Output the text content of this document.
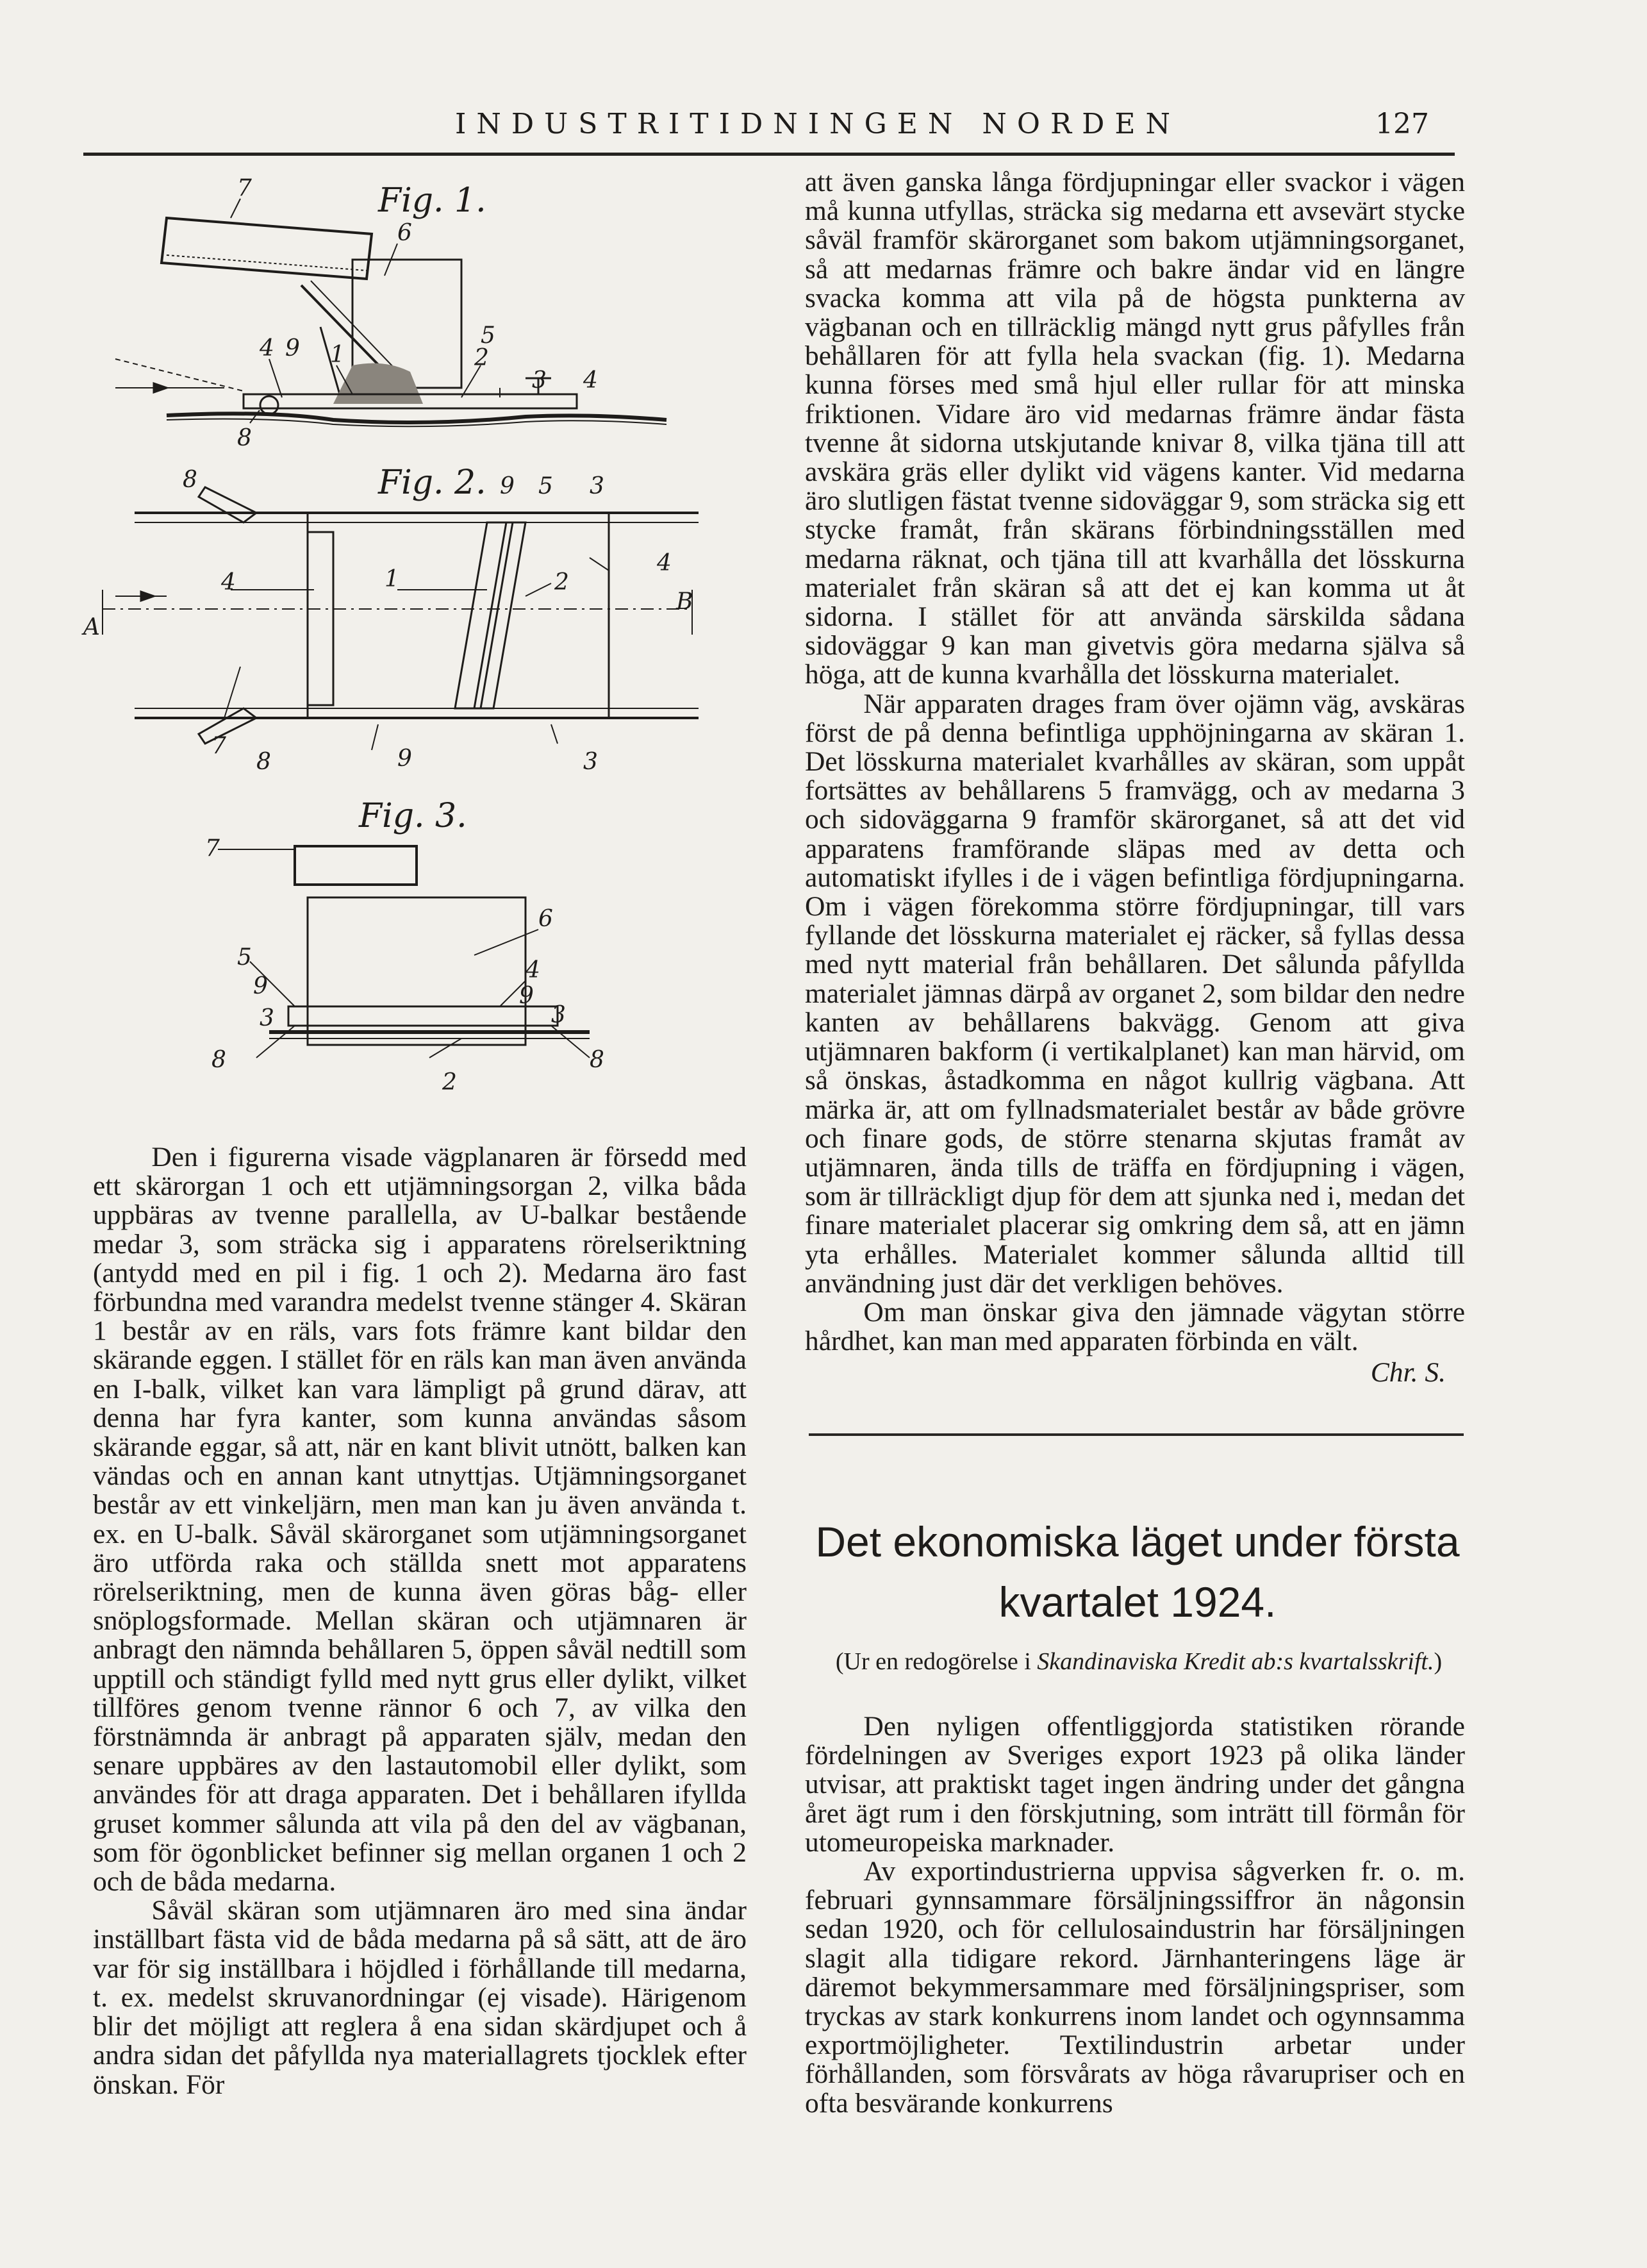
INDUSTRITIDNINGEN NORDEN	127
Fig. 1.
7
6
4 9 1
5
2
3 4
8
Fig. 2.
8	9 5 3
A
4	1	2
4
B
7
8	9	3
Fig. 3.
7
6
5
9
4
9
8
3	3
8
2

Den i figurerna visade vägplanaren är försedd med ett skärorgan 1 och ett utjämningsorgan 2, vilka båda uppbäras av tvenne parallella, av U-balkar bestående medar 3, som sträcka sig i apparatens rörelseriktning (antydd med en pil i fig. 1 och 2). Medarna äro fast förbundna med varandra medelst tvenne stänger 4. Skäran 1 består av en räls, vars fots främre kant bildar den skärande eggen. I stället för en räls kan man även använda en I-balk, vilket kan vara lämpligt på grund därav, att denna har fyra kanter, som kunna användas såsom skärande eggar, så att, när en kant blivit utnött, balken kan vändas och en annan kant utnyttjas. Utjämningsorganet består av ett vinkeljärn, men man kan ju även använda t. ex. en U-balk. Såväl skärorganet som utjämningsorganet äro utförda raka och ställda snett mot apparatens rörelseriktning, men de kunna även göras båg- eller snöplogsformade. Mellan skäran och utjämnaren är anbragt den nämnda behållaren 5, öppen såväl nedtill som upptill och ständigt fylld med nytt grus eller dylikt, vilket tillföres genom tvenne rännor 6 och 7, av vilka den förstnämnda är anbragt på apparaten själv, medan den senare uppbäres av den lastautomobil eller dylikt, som användes för att draga apparaten. Det i behållaren ifyllda gruset kommer sålunda att vila på den del av vägbanan, som för ögonblicket befinner sig mellan organen 1 och 2 och de båda medarna.

Såväl skäran som utjämnaren äro med sina ändar inställbart fästa vid de båda medarna på så sätt, att de äro var för sig inställbara i höjdled i förhållande till medarna, t. ex. medelst skruvanordningar (ej visade). Härigenom blir det möjligt att reglera å ena sidan skärdjupet och å andra sidan det påfyllda nya materiallagrets tjocklek efter önskan. För

att även ganska långa fördjupningar eller svackor i vägen må kunna utfyllas, sträcka sig medarna ett avsevärt stycke såväl framför skärorganet som bakom utjämningsorganet, så att medarnas främre och bakre ändar vid en längre svacka komma att vila på de högsta punkterna av vägbanan och en tillräcklig mängd nytt grus påfylles från behållaren för att fylla hela svackan (fig. 1). Medarna kunna förses med små hjul eller rullar för att minska friktionen. Vidare äro vid medarnas främre ändar fästa tvenne åt sidorna utskjutande knivar 8, vilka tjäna till att avskära gräs eller dylikt vid vägens kanter. Vid medarna äro slutligen fästat tvenne sidoväggar 9, som sträcka sig ett stycke framåt, från skärans förbindningsställen med medarna räknat, och tjäna till att kvarhålla det lösskurna materialet från skäran så att det ej kan komma ut åt sidorna. I stället för att använda särskilda sådana sidoväggar 9 kan man givetvis göra medarna själva så höga, att de kunna kvarhålla det lösskurna materialet.

När apparaten drages fram över ojämn väg, avskäras först de på denna befintliga upphöjningarna av skäran 1. Det lösskurna materialet kvarhålles av skäran, som uppåt fortsättes av behållarens 5 framvägg, och av medarna 3 och sidoväggarna 9 framför skärorganet, så att det vid apparatens framförande släpas med av detta och automatiskt ifylles i de i vägen befintliga fördjupningarna. Om i vägen förekomma större fördjupningar, till vars fyllande det lösskurna materialet ej räcker, så fyllas dessa med nytt material från behållaren. Det sålunda påfyllda materialet jämnas därpå av organet 2, som bildar den nedre kanten av behållarens bakvägg. Genom att giva utjämnaren bakform (i vertikalplanet) kan man härvid, om så önskas, åstadkomma en något kullrig vägbana. Att märka är, att om fyllnadsmaterialet består av både grövre och finare gods, de större stenarna skjutas framåt av utjämnaren, ända tills de träffa en fördjupning i vägen, som är tillräckligt djup för dem att sjunka ned i, medan det finare materialet placerar sig omkring dem så, att en jämn yta erhålles. Materialet kommer sålunda alltid till användning just där det verkligen behöves.

Om man önskar giva den jämnade vägytan större hårdhet, kan man med apparaten förbinda en vält.

Chr. S.
Det ekonomiska läget under första
kvartalet 1924.
(Ur en redogörelse i Skandinaviska Kredit ab:s kvartalsskrift.)

Den nyligen offentliggjorda statistiken rörande fördelningen av Sveriges export 1923 på olika länder utvisar, att praktiskt taget ingen ändring under det gångna året ägt rum i den förskjutning, som inträtt till förmån för utomeuropeiska marknader.

Av exportindustrierna uppvisa sågverken fr. o. m. februari gynnsammare försäljningssiffror än någonsin sedan 1920, och för cellulosaindustrin har försäljningen slagit alla tidigare rekord. Järnhanteringens läge är däremot bekymmersammare med försäljningspriser, som tryckas av stark konkurrens inom landet och ogynnsamma exportmöjligheter. Textilindustrin arbetar under förhållanden, som försvårats av höga råvarupriser och en ofta besvärande konkurrens
